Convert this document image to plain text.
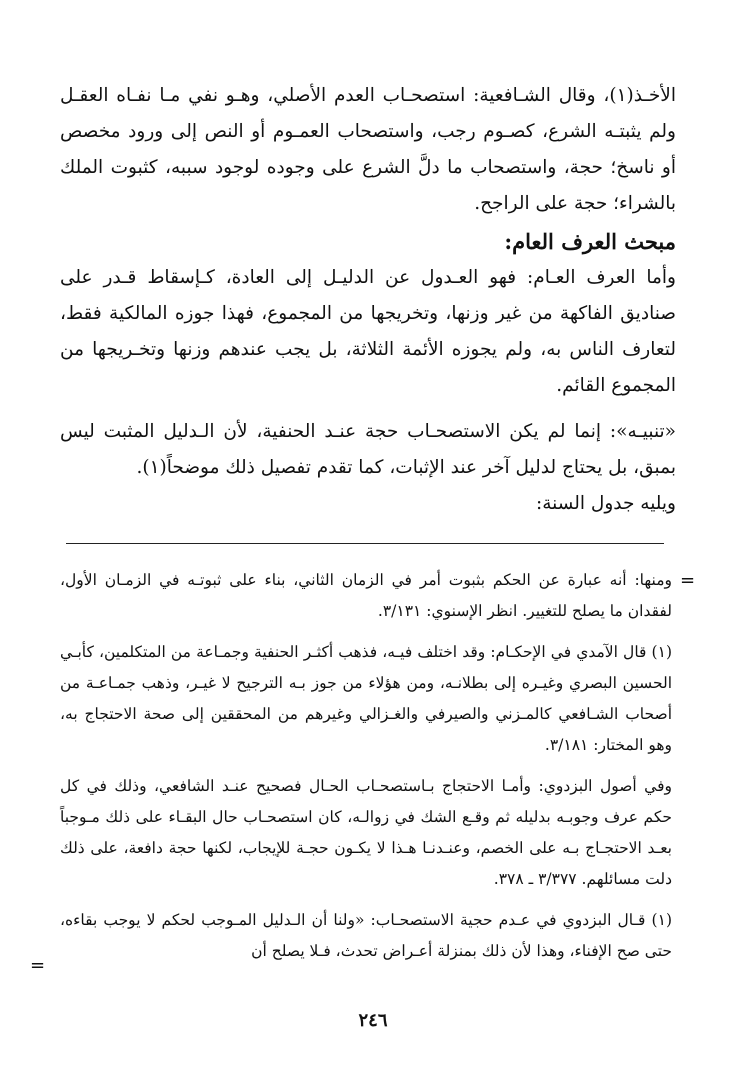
الأخـذ(١)، وقال الشـافعية: استصحـاب العدم الأصلي، وهـو نفي مـا نفـاه العقـل ولم يثبتـه الشرع، كصـوم رجب، واستصحاب العمـوم أو النص إلى ورود مخصص أو ناسخ؛ حجة، واستصحاب ما دلَّ الشرع على وجوده لوجود سببه، كثبوت الملك بالشراء؛ حجة على الراجح.

مبحث العرف العام:

وأما العرف العـام: فهو العـدول عن الدليـل إلى العادة، كـإسقاط قـدر على صناديق الفاكهة من غير وزنها، وتخريجها من المجموع، فهذا جوزه المالكية فقط، لتعارف الناس به، ولم يجوزه الأئمة الثلاثة، بل يجب عندهم وزنها وتخـريجها من المجموع القائم.

«تنبيـه»: إنما لم يكن الاستصحـاب حجة عنـد الحنفية، لأن الـدليل المثبت ليس بمبق، بل يحتاج لدليل آخر عند الإثبات، كما تقدم تفصيل ذلك موضحاً(١).

ويليه جدول السنة:

=

ومنها: أنه عبارة عن الحكم بثبوت أمر في الزمان الثاني، بناء على ثبوتـه في الزمـان الأول، لفقدان ما يصلح للتغيير. انظر الإسنوي: ٣/١٣١.

(١) قال الآمدي في الإحكـام: وقد اختلف فيـه، فذهب أكثـر الحنفية وجمـاعة من المتكلمين، كأبـي الحسين البصري وغيـره إلى بطلانـه، ومن هؤلاء من جوز بـه الترجيح لا غيـر، وذهب جمـاعـة من أصحاب الشـافعي كالمـزني والصيرفي والغـزالي وغيرهم من المحققين إلى صحة الاحتجاج به، وهو المختار: ٣/١٨١.

وفي أصول البزدوي: وأمـا الاحتجاج بـاستصحـاب الحـال فصحيح عنـد الشافعي، وذلك في كل حكم عرف وجوبـه بدليله ثم وقـع الشك في زوالـه، كان استصحـاب حال البقـاء على ذلك مـوجباً بعـد الاحتجـاج بـه على الخصم، وعنـدنـا هـذا لا يكـون حجـة للإيجاب، لكنها حجة دافعة، على ذلك دلت مسائلهم. ٣/٣٧٧ ـ ٣٧٨.

(١) قـال البزدوي في عـدم حجية الاستصحـاب: «ولنا أن الـدليل المـوجب لحكم لا يوجب بقاءه، حتى صح الإفناء، وهذا لأن ذلك بمنزلة أعـراض تحدث، فـلا يصلح أن

=
٢٤٦
